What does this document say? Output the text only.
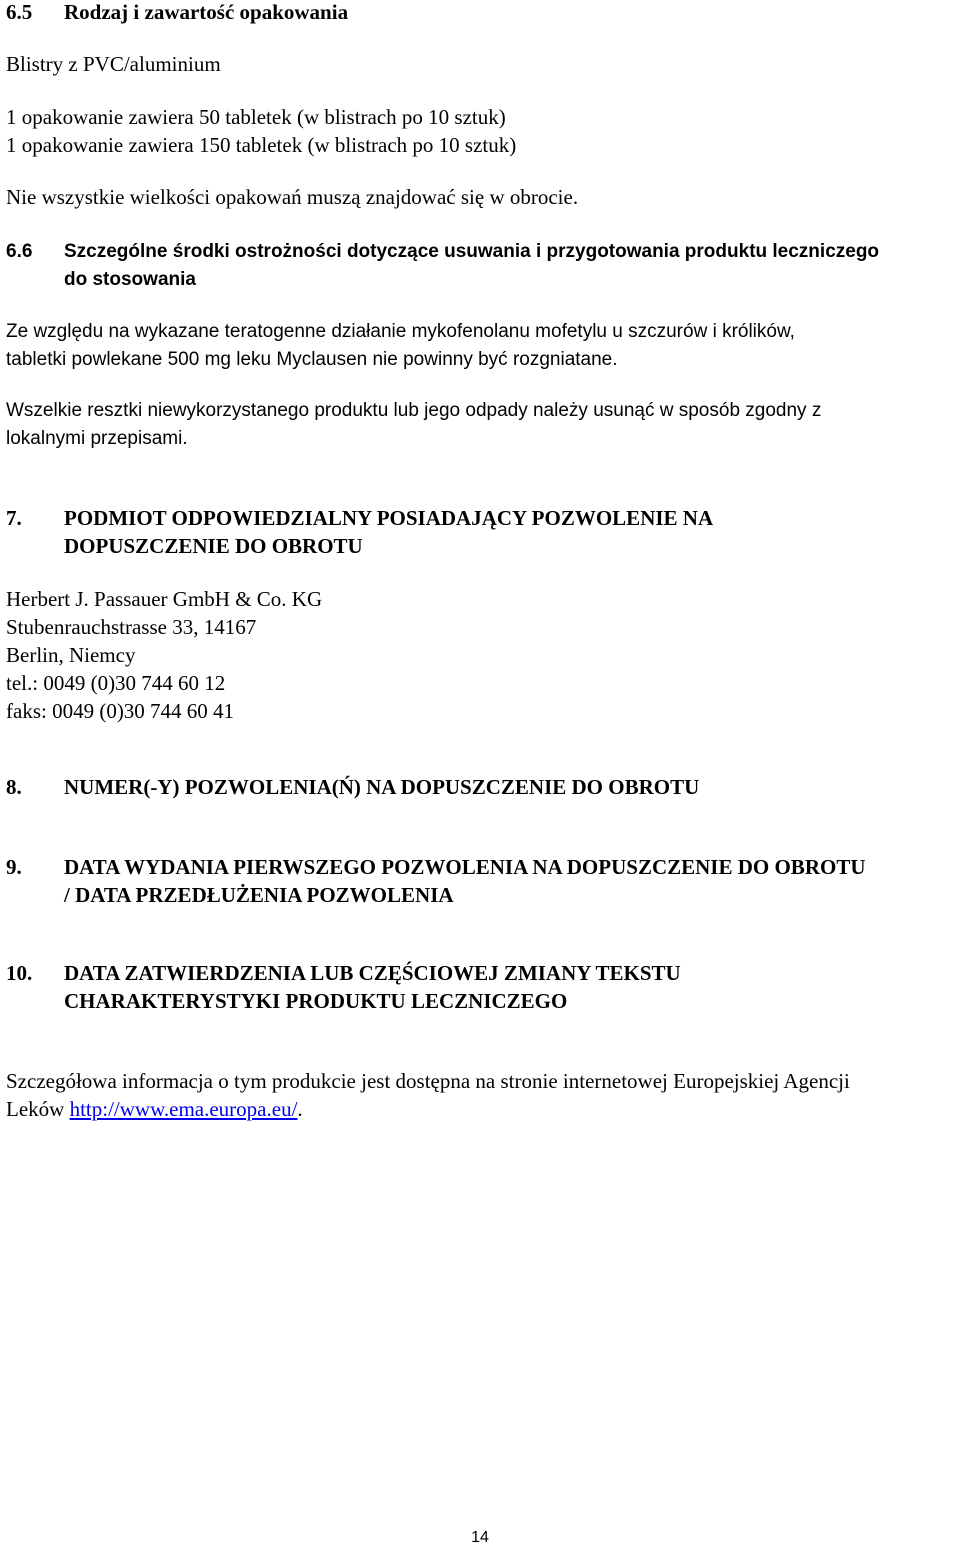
6.5 Rodzaj i zawartość opakowania
Blistry z PVC/aluminium
1 opakowanie zawiera 50 tabletek (w blistrach po 10 sztuk)
1 opakowanie zawiera 150 tabletek (w blistrach po 10 sztuk)
Nie wszystkie wielkości opakowań muszą znajdować się w obrocie.
6.6 Szczególne środki ostrożności dotyczące usuwania i przygotowania produktu leczniczego
do stosowania
Ze względu na wykazane teratogenne działanie mykofenolanu mofetylu u szczurów i królików,
tabletki powlekane 500 mg leku Myclausen nie powinny być rozgniatane.
Wszelkie resztki niewykorzystanego produktu lub jego odpady należy usunąć w sposób zgodny z
lokalnymi przepisami.
7. PODMIOT ODPOWIEDZIALNY POSIADAJĄCY POZWOLENIE NA
DOPUSZCZENIE DO OBROTU
Herbert J. Passauer GmbH & Co. KG
Stubenrauchstrasse 33, 14167
Berlin, Niemcy
tel.: 0049 (0)30 744 60 12
faks: 0049 (0)30 744 60 41
8. NUMER(-Y) POZWOLENIA(Ń) NA DOPUSZCZENIE DO OBROTU
9. DATA WYDANIA PIERWSZEGO POZWOLENIA NA DOPUSZCZENIE DO OBROTU
/ DATA PRZEDŁUŻENIA POZWOLENIA
10. DATA ZATWIERDZENIA LUB CZĘŚCIOWEJ ZMIANY TEKSTU
CHARAKTERYSTYKI PRODUKTU LECZNICZEGO
Szczegółowa informacja o tym produkcie jest dostępna na stronie internetowej Europejskiej Agencji
Leków http://www.ema.europa.eu/.
14
